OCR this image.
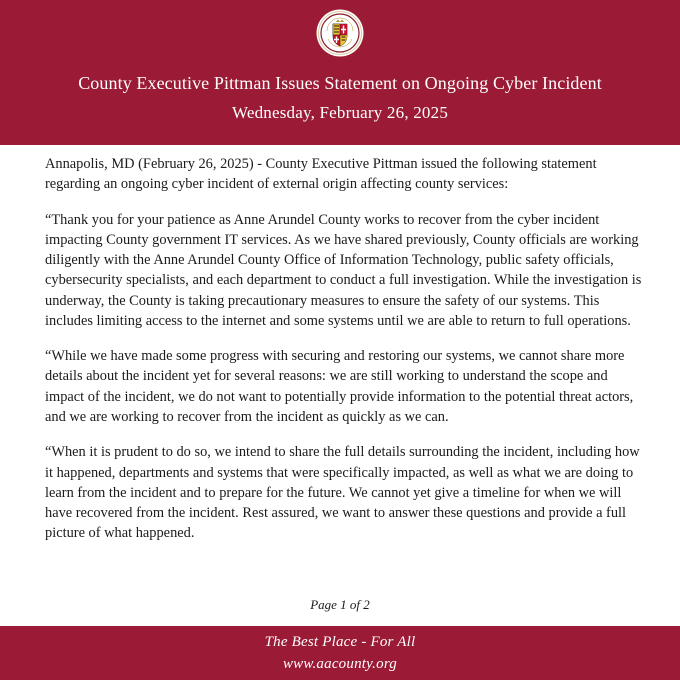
County Executive Pittman Issues Statement on Ongoing Cyber Incident
Wednesday, February 26, 2025

Annapolis, MD (February 26, 2025) - County Executive Pittman issued the following statement regarding an ongoing cyber incident of external origin affecting county services:

“Thank you for your patience as Anne Arundel County works to recover from the cyber incident impacting County government IT services. As we have shared previously, County officials are working diligently with the Anne Arundel County Office of Information Technology, public safety officials, cybersecurity specialists, and each department to conduct a full investigation. While the investigation is underway, the County is taking precautionary measures to ensure the safety of our systems. This includes limiting access to the internet and some systems until we are able to return to full operations.

“While we have made some progress with securing and restoring our systems, we cannot share more details about the incident yet for several reasons: we are still working to understand the scope and impact of the incident, we do not want to potentially provide information to the potential threat actors, and we are working to recover from the incident as quickly as we can.

“When it is prudent to do so, we intend to share the full details surrounding the incident, including how it happened, departments and systems that were specifically impacted, as well as what we are doing to learn from the incident and to prepare for the future. We cannot yet give a timeline for when we will have recovered from the incident. Rest assured, we want to answer these questions and provide a full picture of what happened.

Page 1 of 2
The Best Place - For All
www.aacounty.org
